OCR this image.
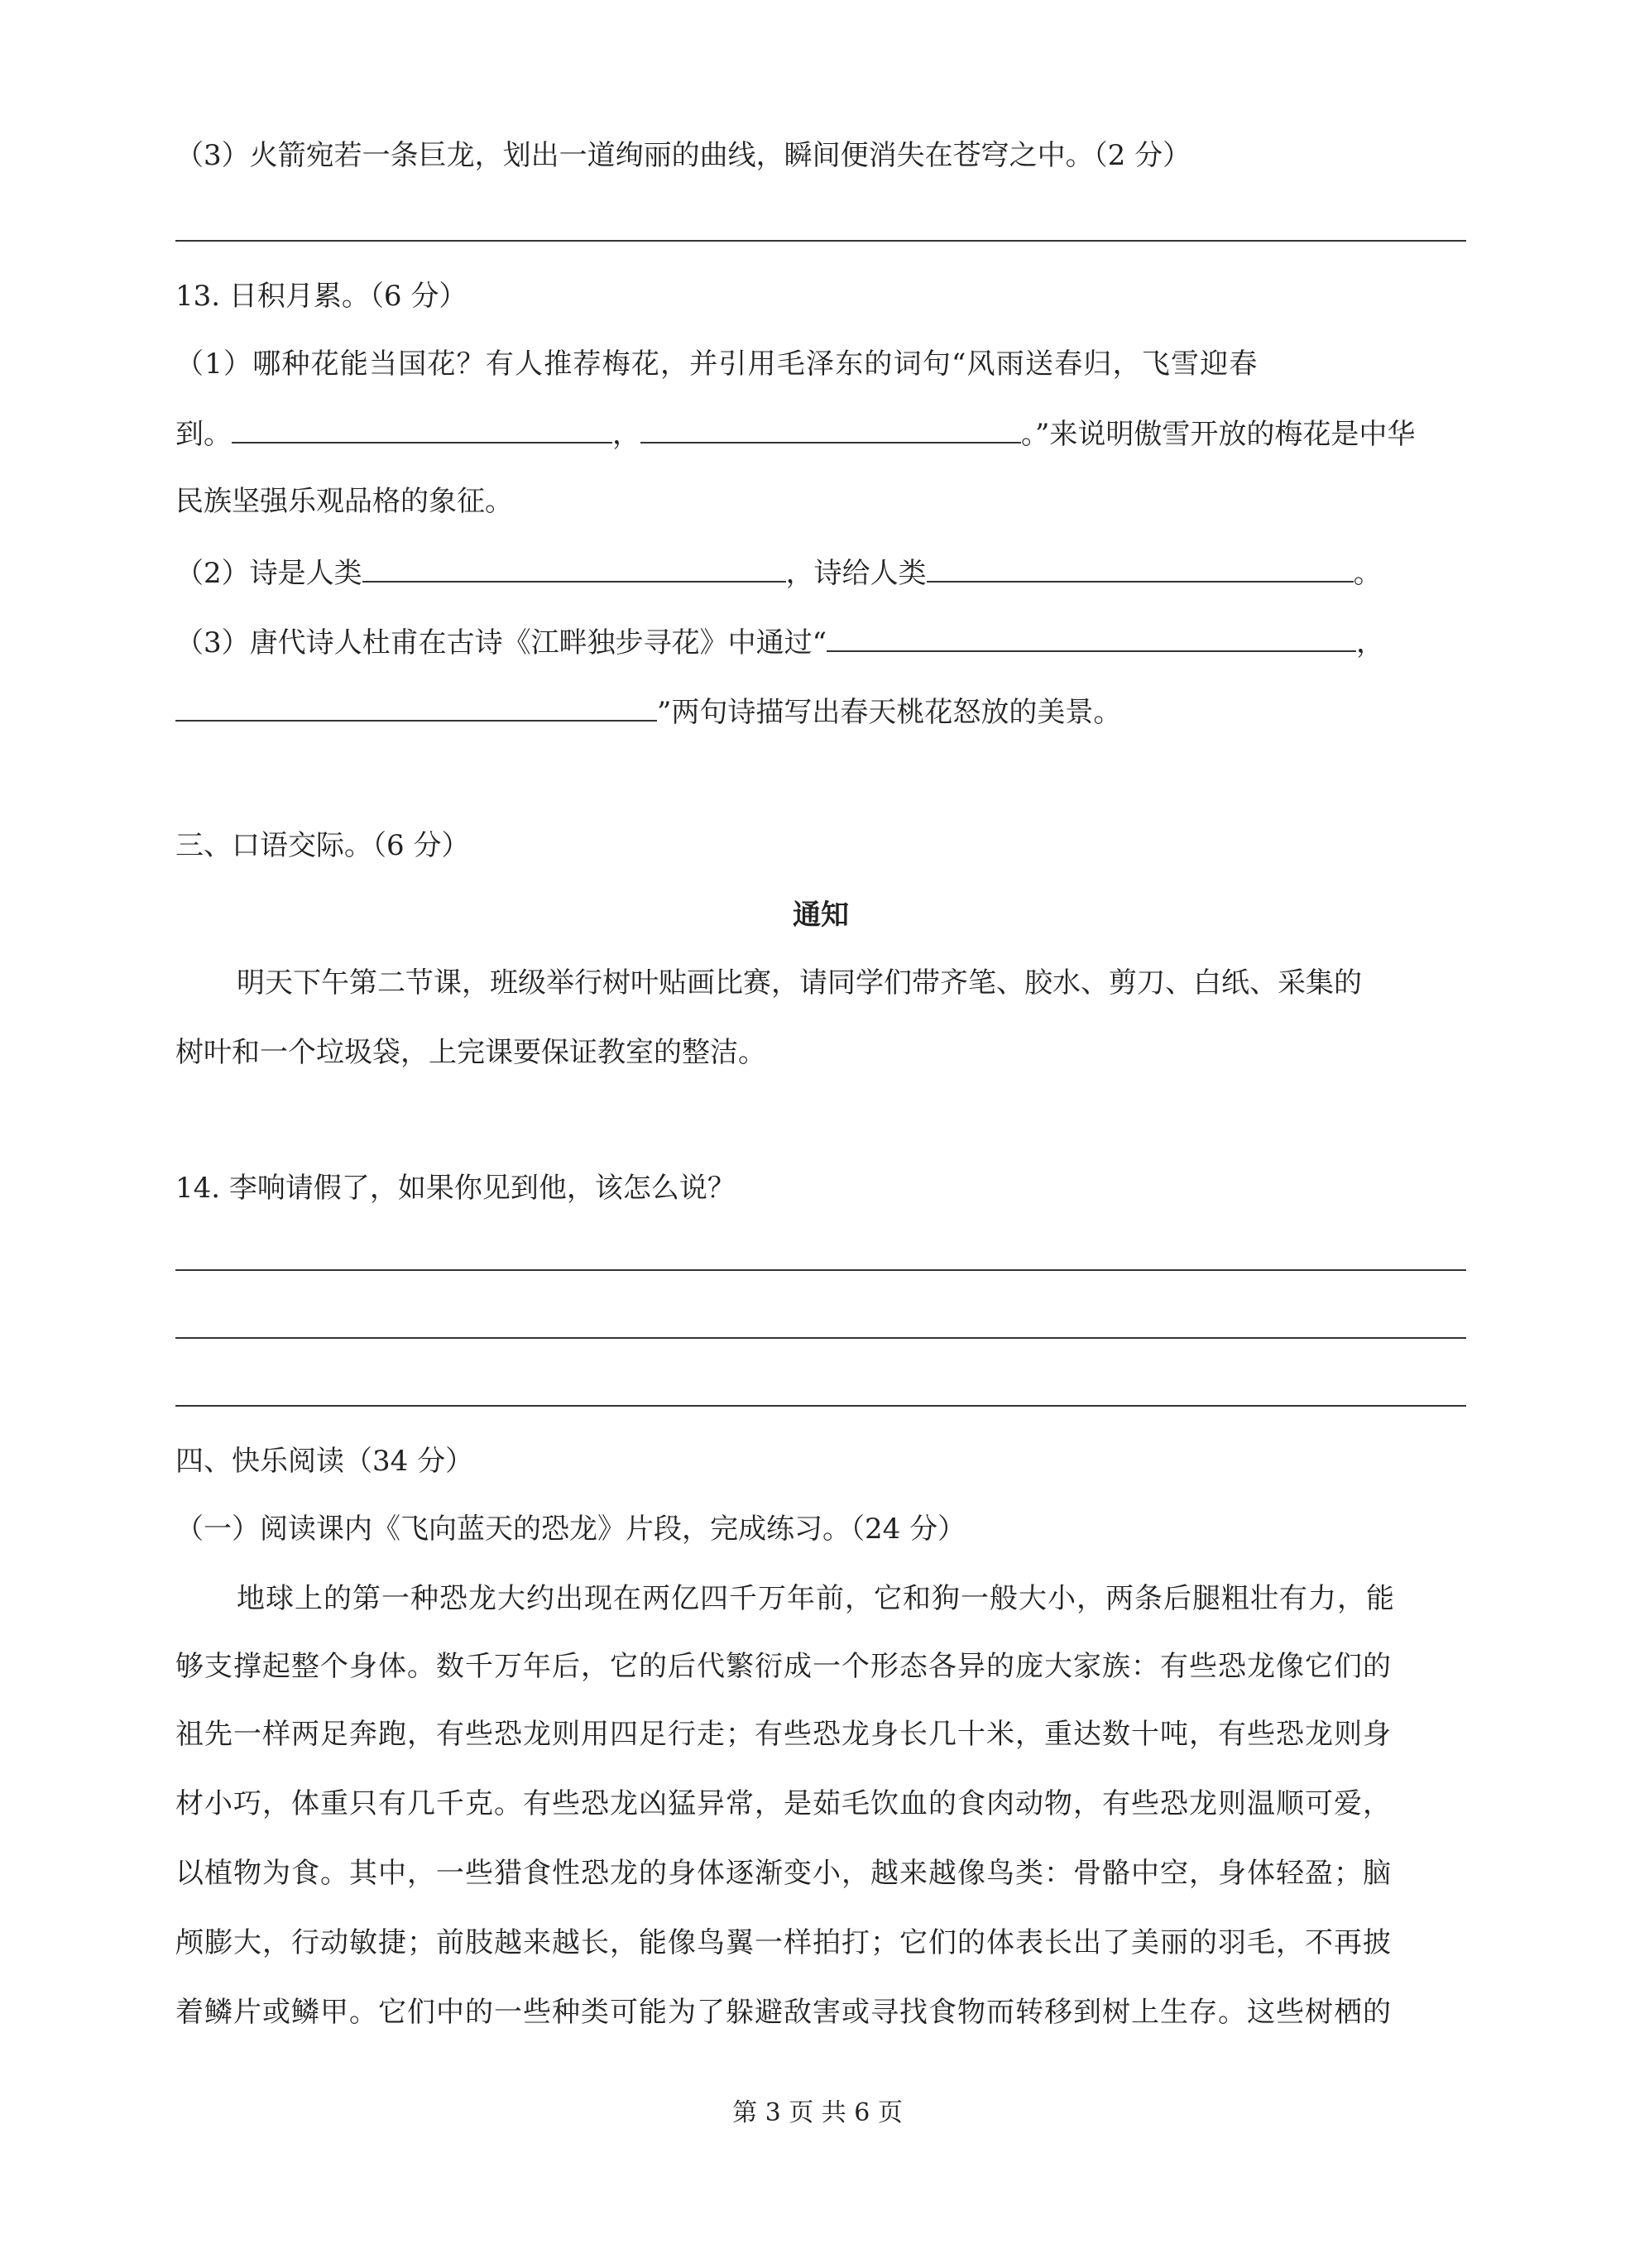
（3）火箭宛若一条巨龙，划出一道绚丽的曲线，瞬间便消失在苍穹之中。（2 分）
13. 日积月累。（6 分）
（1）哪种花能当国花？有人推荐梅花，并引用毛泽东的词句“风雨送春归，飞雪迎春
到。	，	。”来说明傲雪开放的梅花是中华
民族坚强乐观品格的象征。
（2）诗是人类	，诗给人类	。
（3）唐代诗人杜甫在古诗《江畔独步寻花》中通过“	，
”两句诗描写出春天桃花怒放的美景。
三、口语交际。（6 分）
通知
明天下午第二节课，班级举行树叶贴画比赛，请同学们带齐笔、胶水、剪刀、白纸、采集的
树叶和一个垃圾袋，上完课要保证教室的整洁。
14. 李响请假了，如果你见到他，该怎么说？
四、快乐阅读（34 分）
（一）阅读课内《飞向蓝天的恐龙》片段，完成练习。（24 分）
地球上的第一种恐龙大约出现在两亿四千万年前，它和狗一般大小，两条后腿粗壮有力，能
够支撑起整个身体。数千万年后，它的后代繁衍成一个形态各异的庞大家族：有些恐龙像它们的
祖先一样两足奔跑，有些恐龙则用四足行走；有些恐龙身长几十米，重达数十吨，有些恐龙则身
材小巧，体重只有几千克。有些恐龙凶猛异常，是茹毛饮血的食肉动物，有些恐龙则温顺可爱，
以植物为食。其中，一些猎食性恐龙的身体逐渐变小，越来越像鸟类：骨骼中空，身体轻盈；脑
颅膨大，行动敏捷；前肢越来越长，能像鸟翼一样拍打；它们的体表长出了美丽的羽毛，不再披
着鳞片或鳞甲。它们中的一些种类可能为了躲避敌害或寻找食物而转移到树上生存。这些树栖的
第 3 页 共 6 页
